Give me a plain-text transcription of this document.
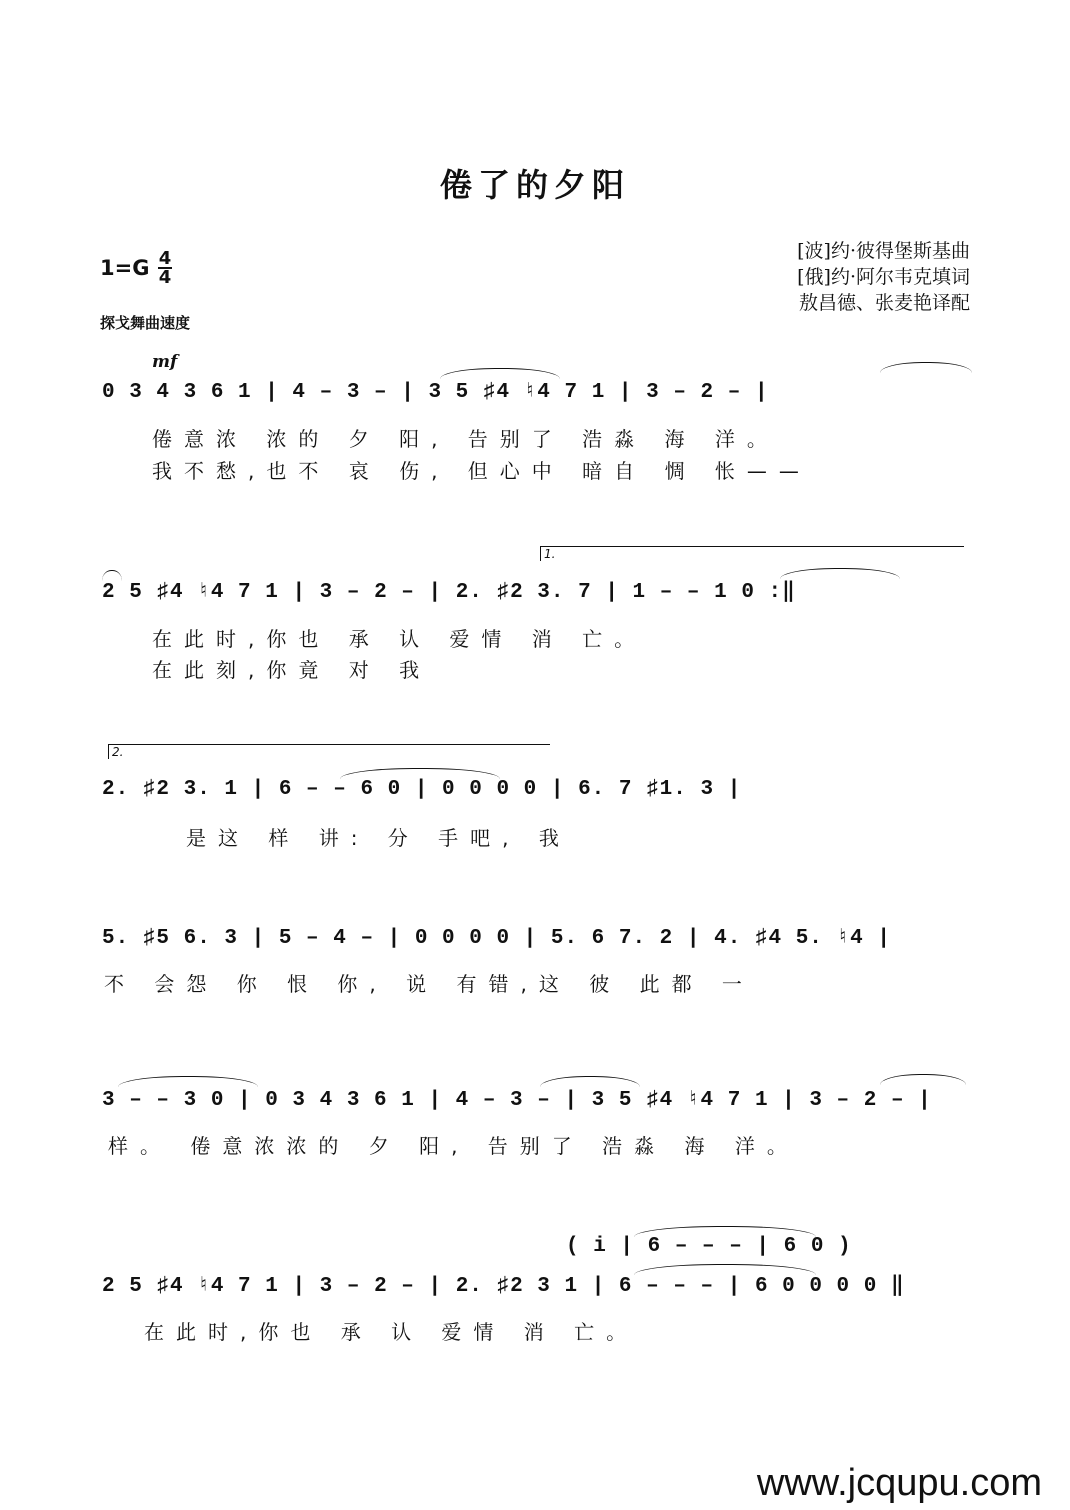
倦了的夕阳
[波]约·彼得堡斯基曲
[俄]约·阿尔韦克填词
敖昌德、张麦艳译配
1=G 4
4
探戈舞曲速度
mf
0 3 4 3 6 1 | 4 – 3 – | 3 5 ♯4 ♮4 7 1 | 3 – 2 – |
倦意浓 浓的 夕 阳, 告别了 浩淼 海 洋。
我不愁,也不 哀 伤, 但心中 暗自 惆 怅——
1.
2 5 ♯4 ♮4 7 1 | 3 – 2 – | 2. ♯2 3. 7 | 1 – – 1 0 :‖
在此时,你也 承 认 爱情 消 亡。
在此刻,你竟 对 我
2.
2. ♯2 3. 1 | 6 – – 6 0 | 0 0 0 0 | 6. 7 ♯1. 3 |
是这 样 讲: 分 手吧, 我
5. ♯5 6. 3 | 5 – 4 – | 0 0 0 0 | 5. 6 7. 2 | 4. ♯4 5. ♮4 |
不 会怨 你 恨 你, 说 有错,这 彼 此都 一
3 – – 3 0 | 0 3 4 3 6 1 | 4 – 3 – | 3 5 ♯4 ♮4 7 1 | 3 – 2 – |
样。 倦意浓浓的 夕 阳, 告别了 浩淼 海 洋。
( i | 6 – – – | 6 0 )
2 5 ♯4 ♮4 7 1 | 3 – 2 – | 2. ♯2 3 1 | 6 – – – | 6 0 0 0 0 ‖
在此时,你也 承 认 爱情 消 亡。
www.jcqupu.com
